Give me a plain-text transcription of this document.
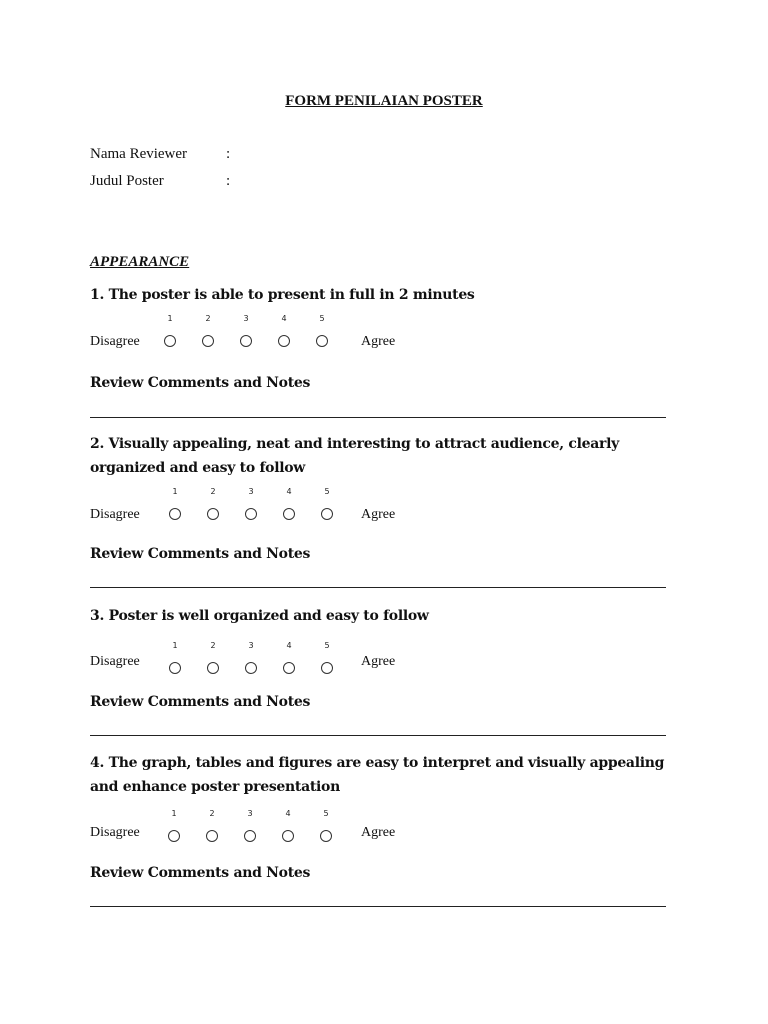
FORM PENILAIAN POSTER
Nama Reviewer	:
Judul Poster	:
APPEARANCE
1. The poster is able to present in full in 2 minutes
Disagree
1	2	3	4	5
Agree
Review Comments and Notes
2. Visually appealing, neat and interesting to attract audience, clearly organized and easy to follow
Disagree
1	2	3	4	5
Agree
Review Comments and Notes
3. Poster is well organized and easy to follow
Disagree
1	2	3	4	5
Agree
Review Comments and Notes
4. The graph, tables and figures are easy to interpret and visually appealing and enhance poster presentation
Disagree
1	2	3	4	5
Agree
Review Comments and Notes
